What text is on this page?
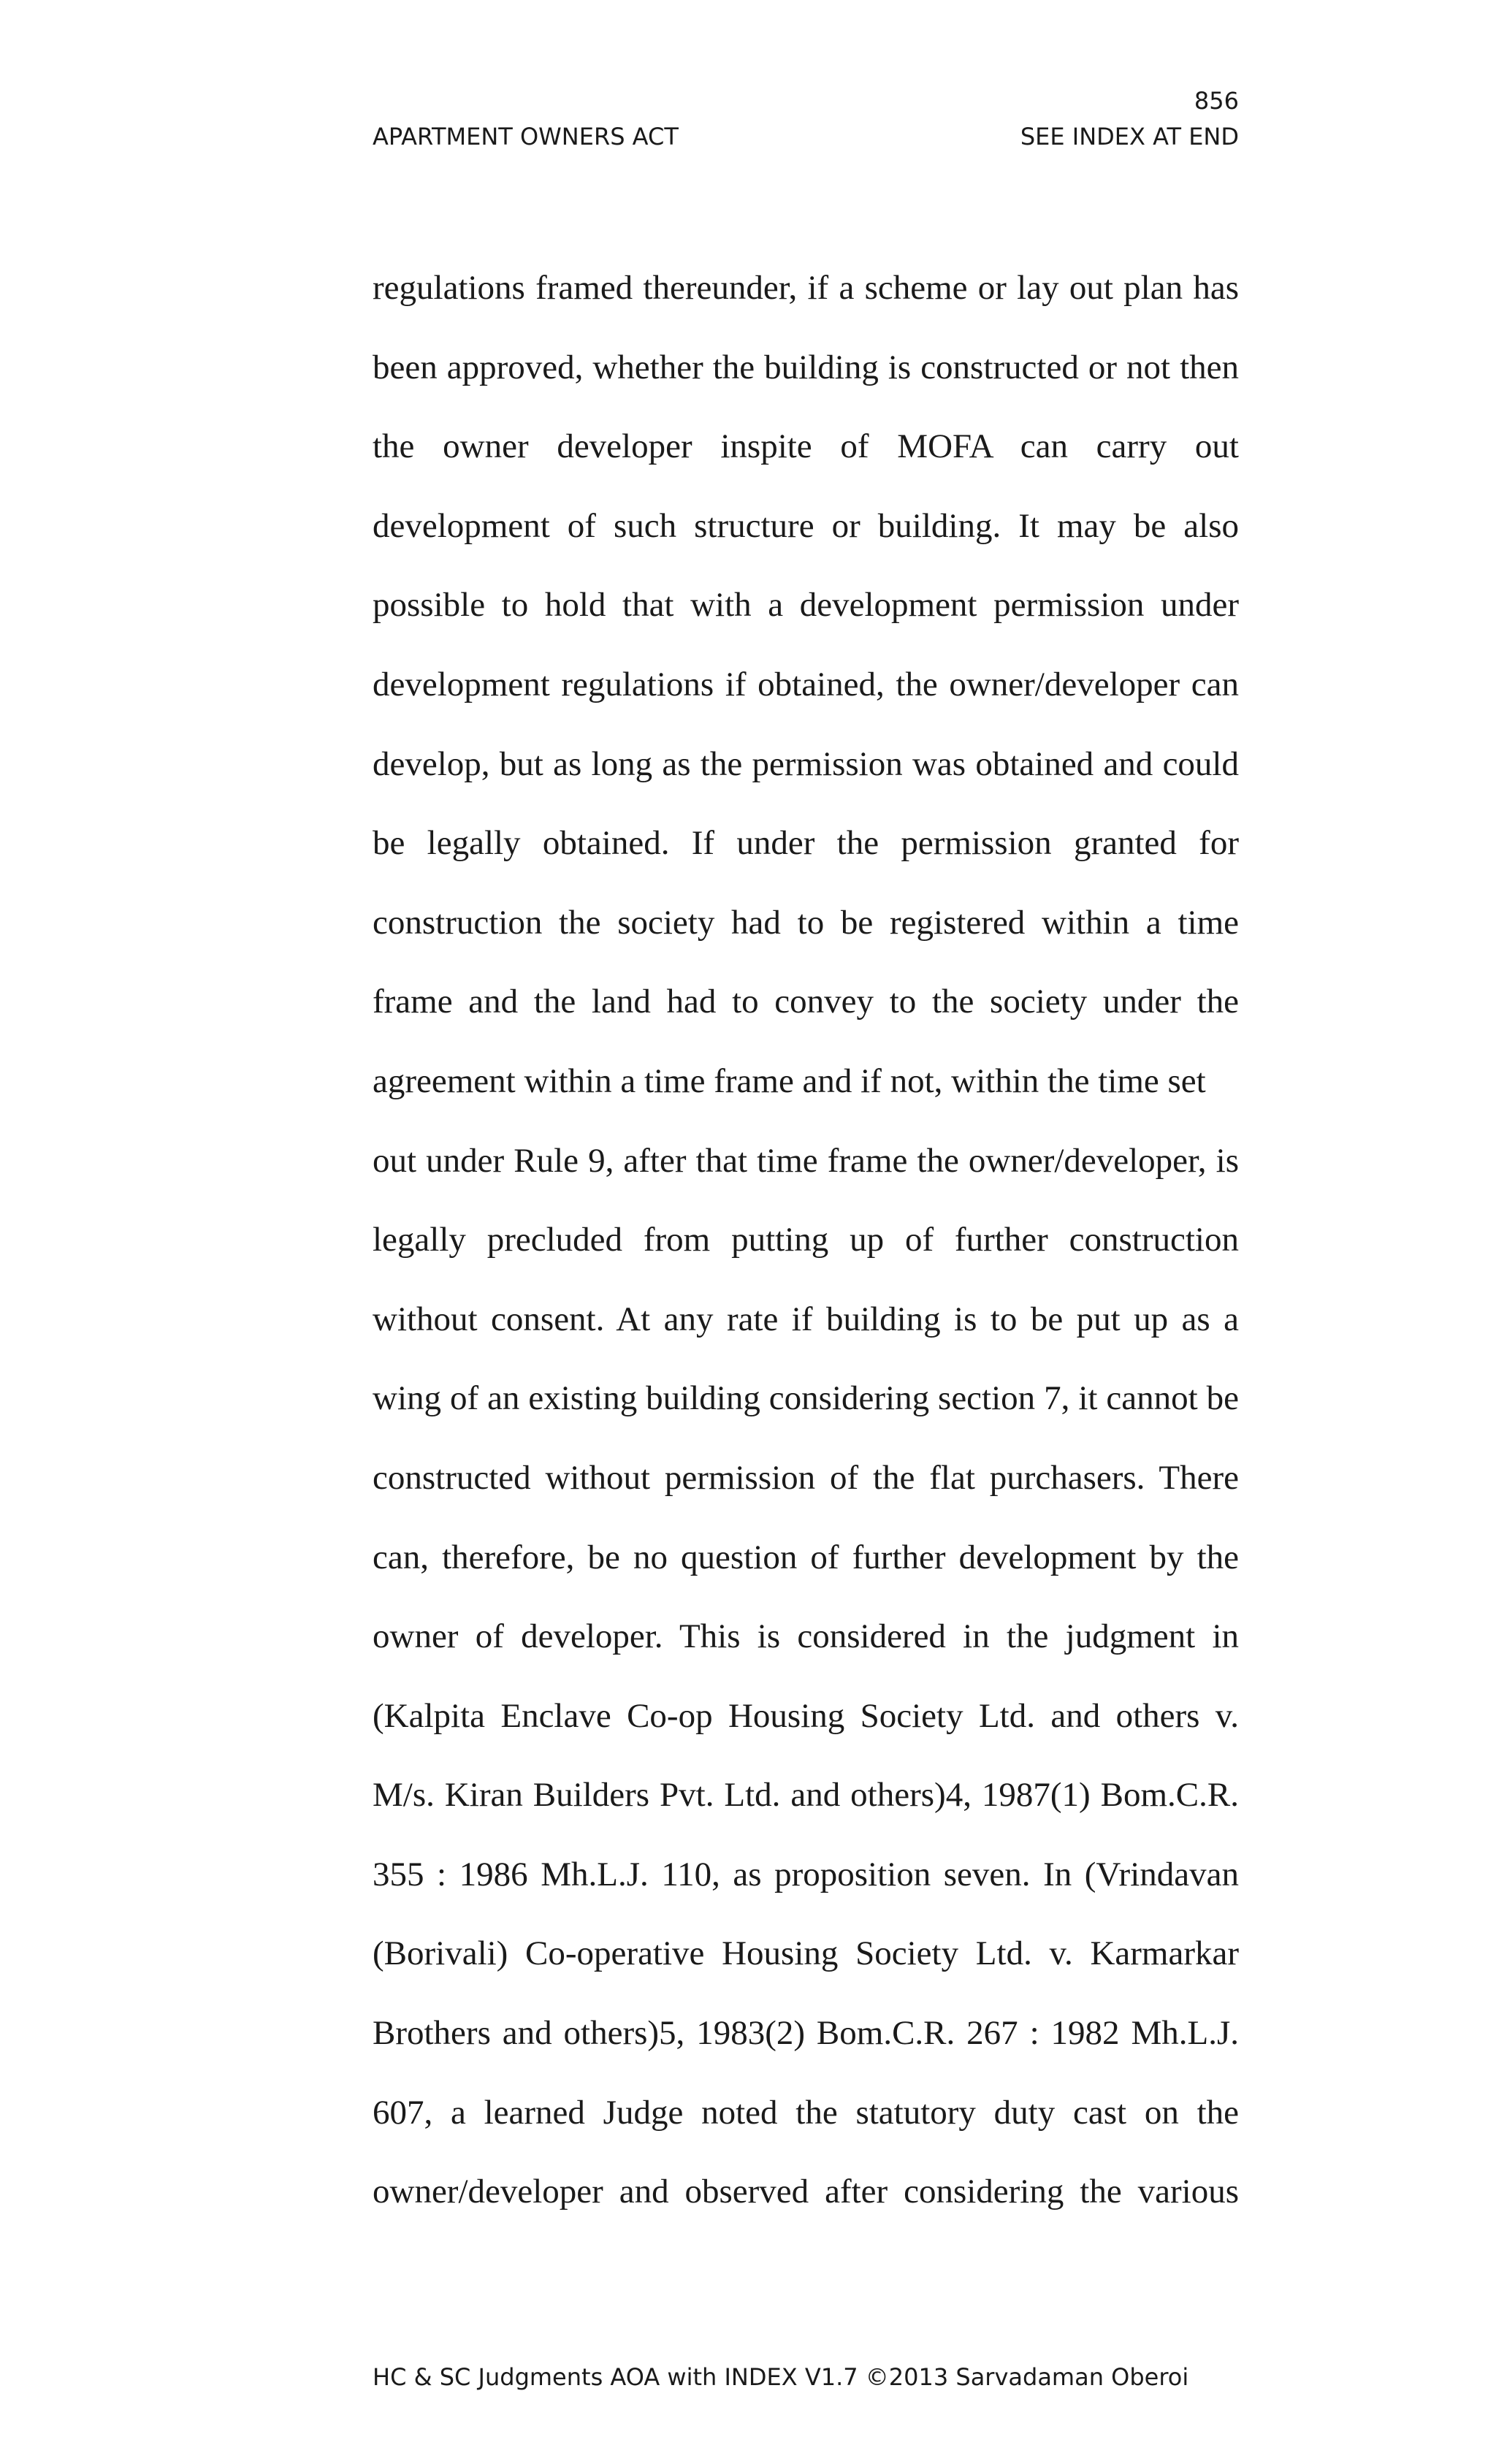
856
APARTMENT OWNERS ACT	SEE INDEX AT END
regulations framed thereunder, if a scheme or lay out plan has
been approved, whether the building is constructed or not then
the owner developer inspite of MOFA can carry out
development of such structure or building. It may be also
possible to hold that with a development permission under
development regulations if obtained, the owner/developer can
develop, but as long as the permission was obtained and could
be legally obtained. If under the permission granted for
construction the society had to be registered within a time
frame and the land had to convey to the society under the
agreement within a time frame and if not, within the time set
out under Rule 9, after that time frame the owner/developer, is
legally precluded from putting up of further construction
without consent. At any rate if building is to be put up as a
wing of an existing building considering section 7, it cannot be
constructed without permission of the flat purchasers. There
can, therefore, be no question of further development by the
owner of developer. This is considered in the judgment in
(Kalpita Enclave Co-op Housing Society Ltd. and others v.
M/s. Kiran Builders Pvt. Ltd. and others)4, 1987(1) Bom.C.R.
355 : 1986 Mh.L.J. 110, as proposition seven. In (Vrindavan
(Borivali) Co-operative Housing Society Ltd. v. Karmarkar
Brothers and others)5, 1983(2) Bom.C.R. 267 : 1982 Mh.L.J.
607, a learned Judge noted the statutory duty cast on the
owner/developer and observed after considering the various
HC & SC Judgments AOA with INDEX V1.7 ©2013 Sarvadaman Oberoi
